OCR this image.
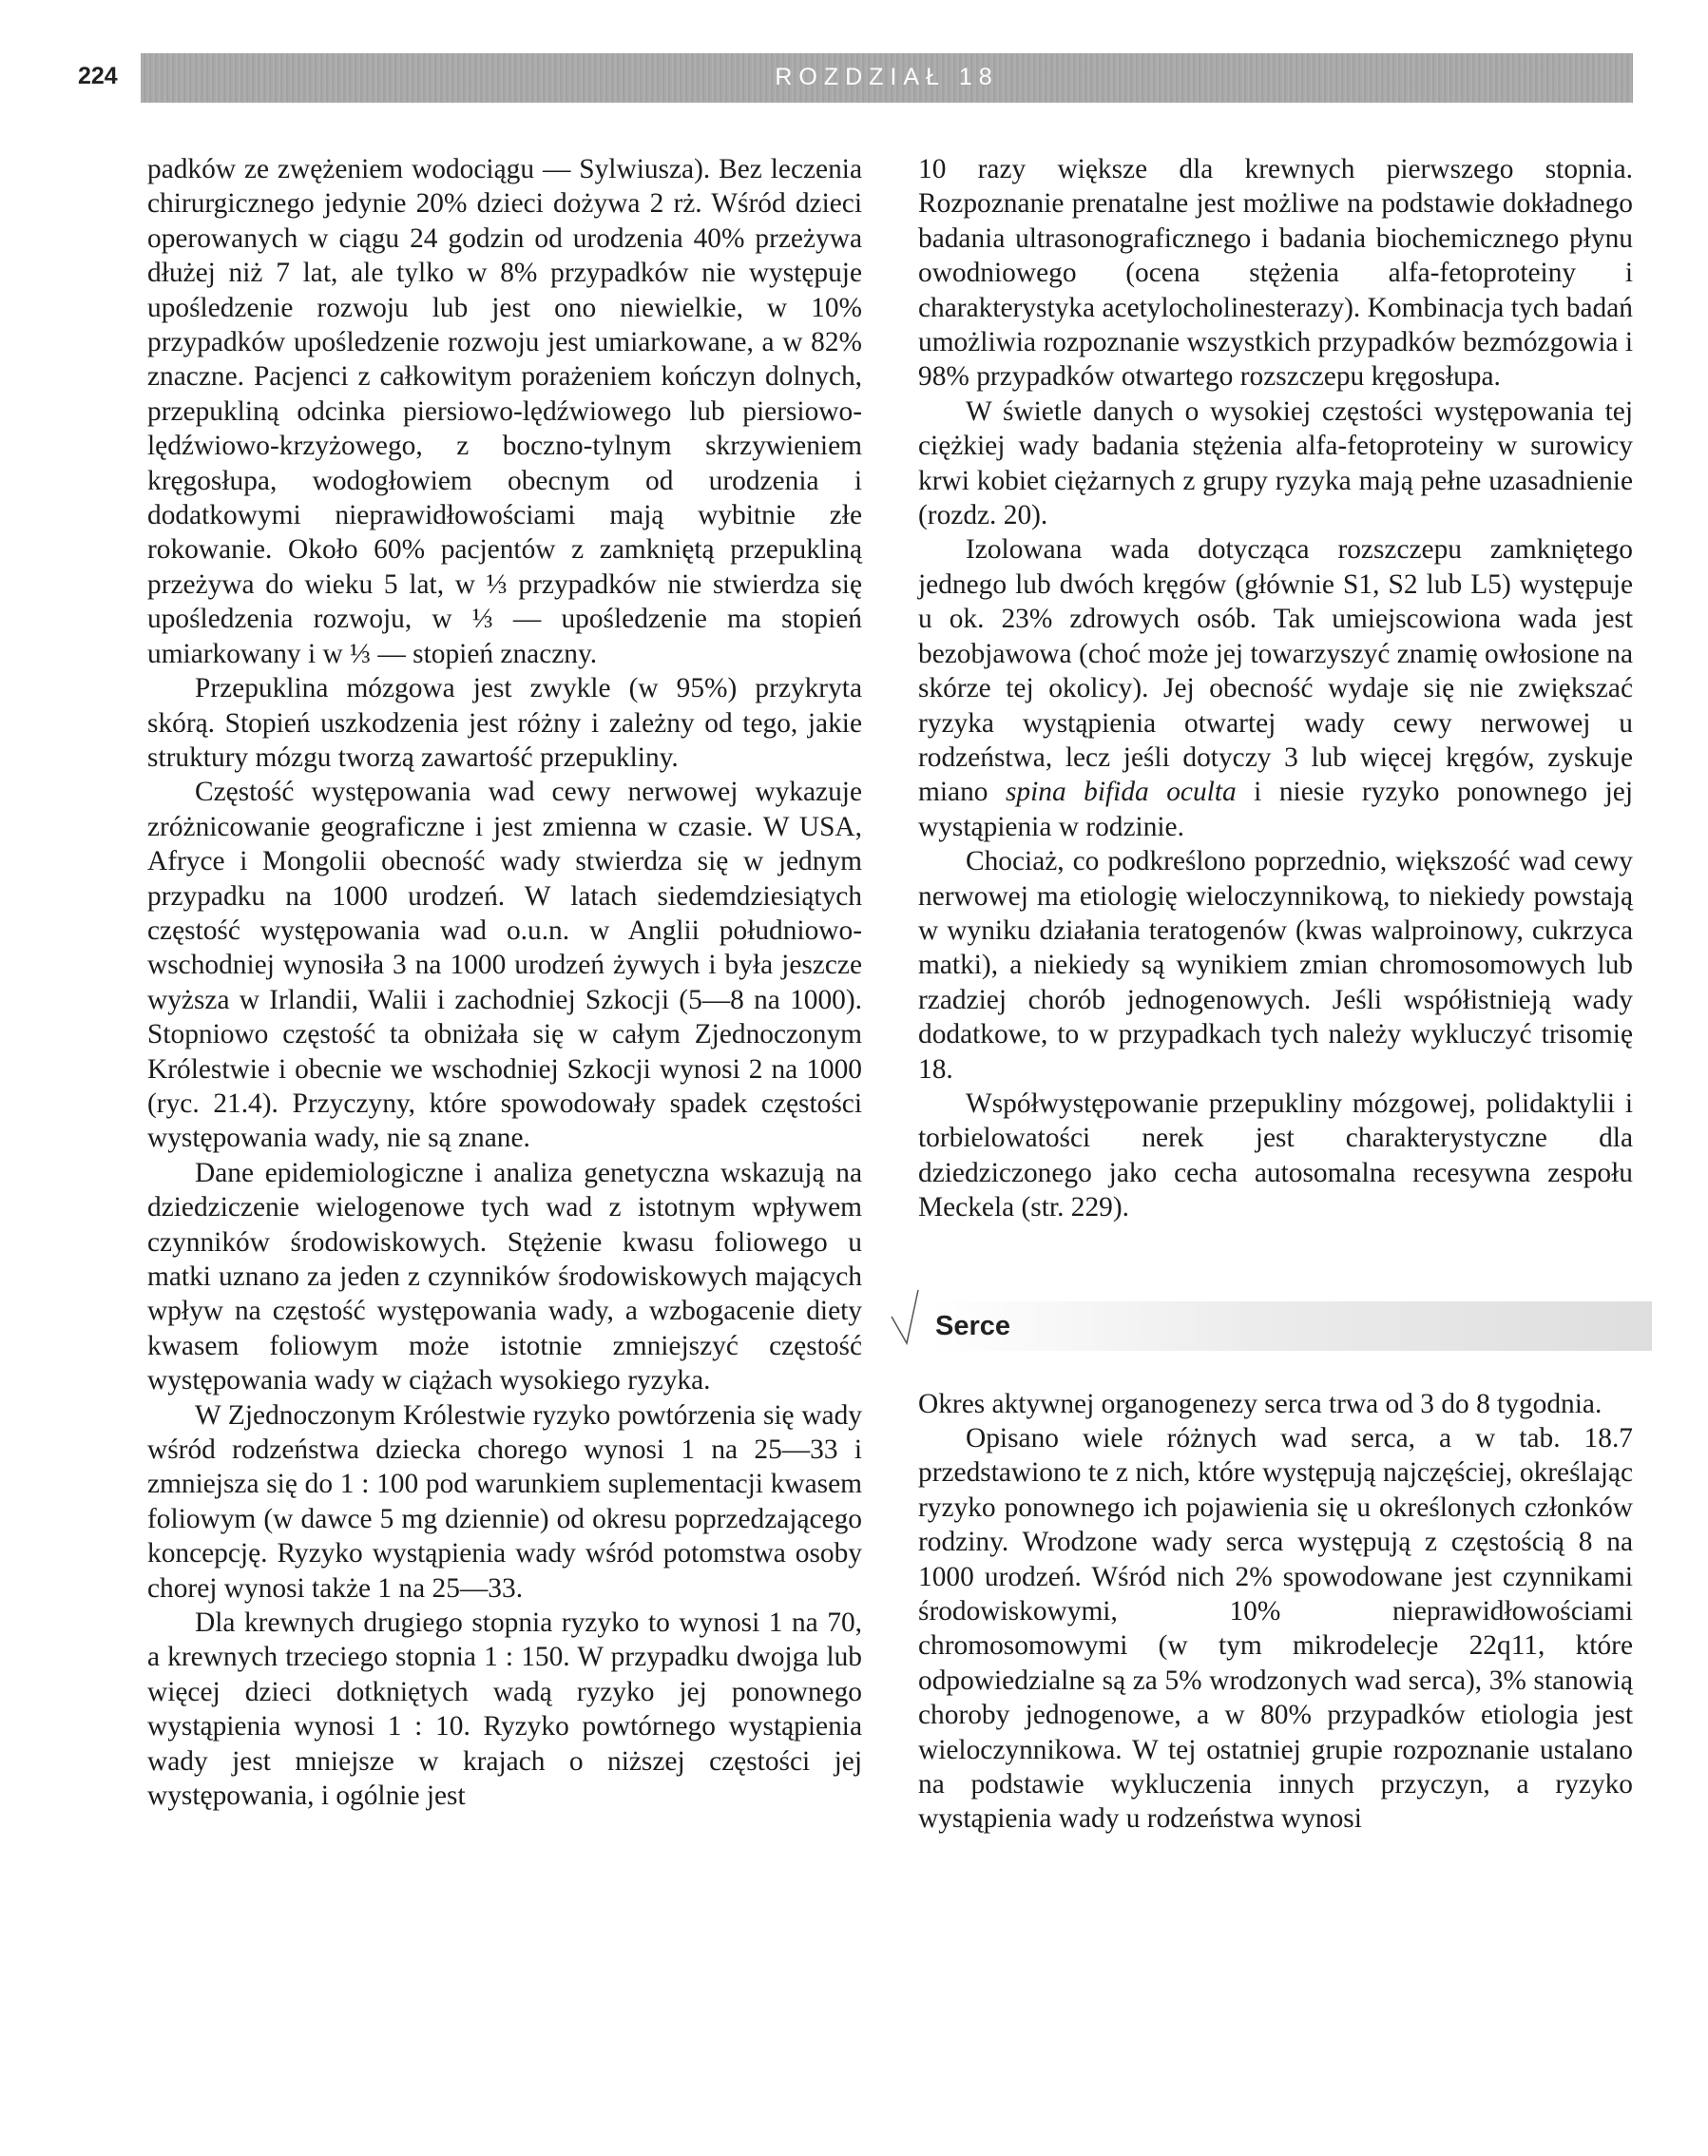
224	ROZDZIAŁ 18

padków ze zwężeniem wodociągu — Sylwiusza). Bez leczenia chirurgicznego jedynie 20% dzieci dożywa 2 rż. Wśród dzieci operowanych w ciągu 24 godzin od urodzenia 40% przeżywa dłużej niż 7 lat, ale tylko w 8% przypadków nie występuje upośledzenie rozwoju lub jest ono niewielkie, w 10% przypadków upośledzenie rozwoju jest umiarkowane, a w 82% znaczne. Pacjenci z całkowitym porażeniem kończyn dolnych, przepukliną odcinka piersiowo-lędźwiowego lub piersiowo-lędźwiowo-krzyżowego, z boczno-tylnym skrzywieniem kręgosłupa, wodogłowiem obecnym od urodzenia i dodatkowymi nieprawidłowościami mają wybitnie złe rokowanie. Około 60% pacjentów z zamkniętą przepukliną przeżywa do wieku 5 lat, w ⅓ przypadków nie stwierdza się upośledzenia rozwoju, w ⅓ — upośledzenie ma stopień umiarkowany i w ⅓ — stopień znaczny.

Przepuklina mózgowa jest zwykle (w 95%) przykryta skórą. Stopień uszkodzenia jest różny i zależny od tego, jakie struktury mózgu tworzą zawartość przepukliny.

Częstość występowania wad cewy nerwowej wykazuje zróżnicowanie geograficzne i jest zmienna w czasie. W USA, Afryce i Mongolii obecność wady stwierdza się w jednym przypadku na 1000 urodzeń. W latach siedemdziesiątych częstość występowania wad o.u.n. w Anglii południowo-wschodniej wynosiła 3 na 1000 urodzeń żywych i była jeszcze wyższa w Irlandii, Walii i zachodniej Szkocji (5—8 na 1000). Stopniowo częstość ta obniżała się w całym Zjednoczonym Królestwie i obecnie we wschodniej Szkocji wynosi 2 na 1000 (ryc. 21.4). Przyczyny, które spowodowały spadek częstości występowania wady, nie są znane.

Dane epidemiologiczne i analiza genetyczna wskazują na dziedziczenie wielogenowe tych wad z istotnym wpływem czynników środowiskowych. Stężenie kwasu foliowego u matki uznano za jeden z czynników środowiskowych mających wpływ na częstość występowania wady, a wzbogacenie diety kwasem foliowym może istotnie zmniejszyć częstość występowania wady w ciążach wysokiego ryzyka.

W Zjednoczonym Królestwie ryzyko powtórzenia się wady wśród rodzeństwa dziecka chorego wynosi 1 na 25—33 i zmniejsza się do 1 : 100 pod warunkiem suplementacji kwasem foliowym (w dawce 5 mg dziennie) od okresu poprzedzającego koncepcję. Ryzyko wystąpienia wady wśród potomstwa osoby chorej wynosi także 1 na 25—33.

Dla krewnych drugiego stopnia ryzyko to wynosi 1 na 70, a krewnych trzeciego stopnia 1 : 150. W przypadku dwojga lub więcej dzieci dotkniętych wadą ryzyko jej ponownego wystąpienia wynosi 1 : 10. Ryzyko powtórnego wystąpienia wady jest mniejsze w krajach o niższej częstości jej występowania, i ogólnie jest

10 razy większe dla krewnych pierwszego stopnia. Rozpoznanie prenatalne jest możliwe na podstawie dokładnego badania ultrasonograficznego i badania biochemicznego płynu owodniowego (ocena stężenia alfa-fetoproteiny i charakterystyka acetylocholinesterazy). Kombinacja tych badań umożliwia rozpoznanie wszystkich przypadków bezmózgowia i 98% przypadków otwartego rozszczepu kręgosłupa.

W świetle danych o wysokiej częstości występowania tej ciężkiej wady badania stężenia alfa-fetoproteiny w surowicy krwi kobiet ciężarnych z grupy ryzyka mają pełne uzasadnienie (rozdz. 20).

Izolowana wada dotycząca rozszczepu zamkniętego jednego lub dwóch kręgów (głównie S1, S2 lub L5) występuje u ok. 23% zdrowych osób. Tak umiejscowiona wada jest bezobjawowa (choć może jej towarzyszyć znamię owłosione na skórze tej okolicy). Jej obecność wydaje się nie zwiększać ryzyka wystąpienia otwartej wady cewy nerwowej u rodzeństwa, lecz jeśli dotyczy 3 lub więcej kręgów, zyskuje miano spina bifida oculta i niesie ryzyko ponownego jej wystąpienia w rodzinie.

Chociaż, co podkreślono poprzednio, większość wad cewy nerwowej ma etiologię wieloczynnikową, to niekiedy powstają w wyniku działania teratogenów (kwas walproinowy, cukrzyca matki), a niekiedy są wynikiem zmian chromosomowych lub rzadziej chorób jednogenowych. Jeśli współistnieją wady dodatkowe, to w przypadkach tych należy wykluczyć trisomię 18.

Współwystępowanie przepukliny mózgowej, polidaktylii i torbielowatości nerek jest charakterystyczne dla dziedziczonego jako cecha autosomalna recesywna zespołu Meckela (str. 229).

Serce

Okres aktywnej organogenezy serca trwa od 3 do 8 tygodnia.

Opisano wiele różnych wad serca, a w tab. 18.7 przedstawiono te z nich, które występują najczęściej, określając ryzyko ponownego ich pojawienia się u określonych członków rodziny. Wrodzone wady serca występują z częstością 8 na 1000 urodzeń. Wśród nich 2% spowodowane jest czynnikami środowiskowymi, 10% nieprawidłowościami chromosomowymi (w tym mikrodelecje 22q11, które odpowiedzialne są za 5% wrodzonych wad serca), 3% stanowią choroby jednogenowe, a w 80% przypadków etiologia jest wieloczynnikowa. W tej ostatniej grupie rozpoznanie ustalano na podstawie wykluczenia innych przyczyn, a ryzyko wystąpienia wady u rodzeństwa wynosi
